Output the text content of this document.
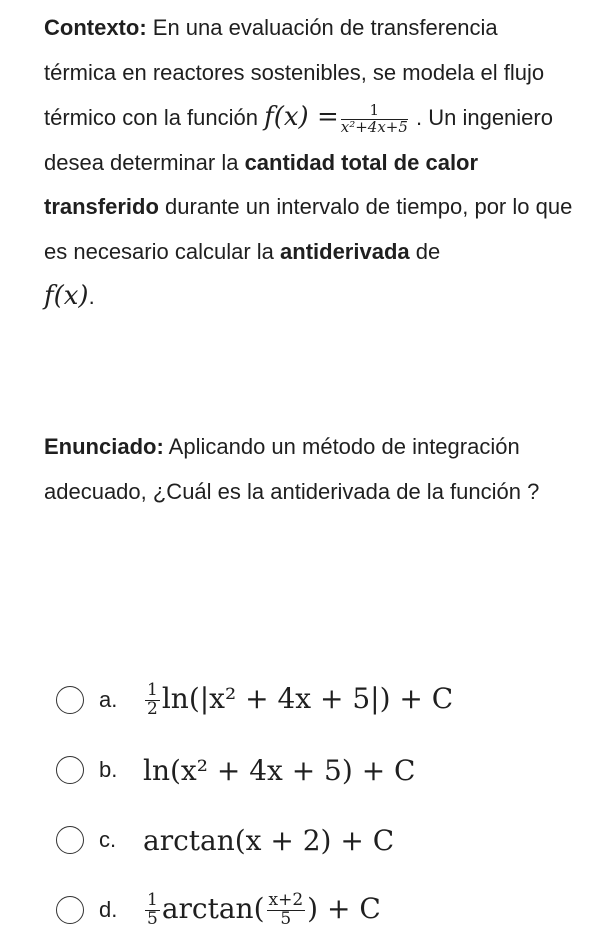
Contexto: En una evaluación de transferencia térmica en reactores sostenibles, se modela el flujo térmico con la función $f(x) = \frac{1}{\text{x²+4x+5}}$ . Un ingeniero desea determinar la cantidad total de calor transferido durante un intervalo de tiempo, por lo que es necesario calcular la antiderivada de
f(x).
Enunciado: Aplicando un método de integración adecuado, ¿Cuál es la antiderivada de la función ?
a.	$\frac{1}{2} \ln(|x^2 + 4x + 5|) + C$
b. ln(x² + 4x + 5) + C
c. arctan(x + 2) + C
d.	$\frac{1}{5} \arctan( \frac{x+2}{5}$ ) + C
